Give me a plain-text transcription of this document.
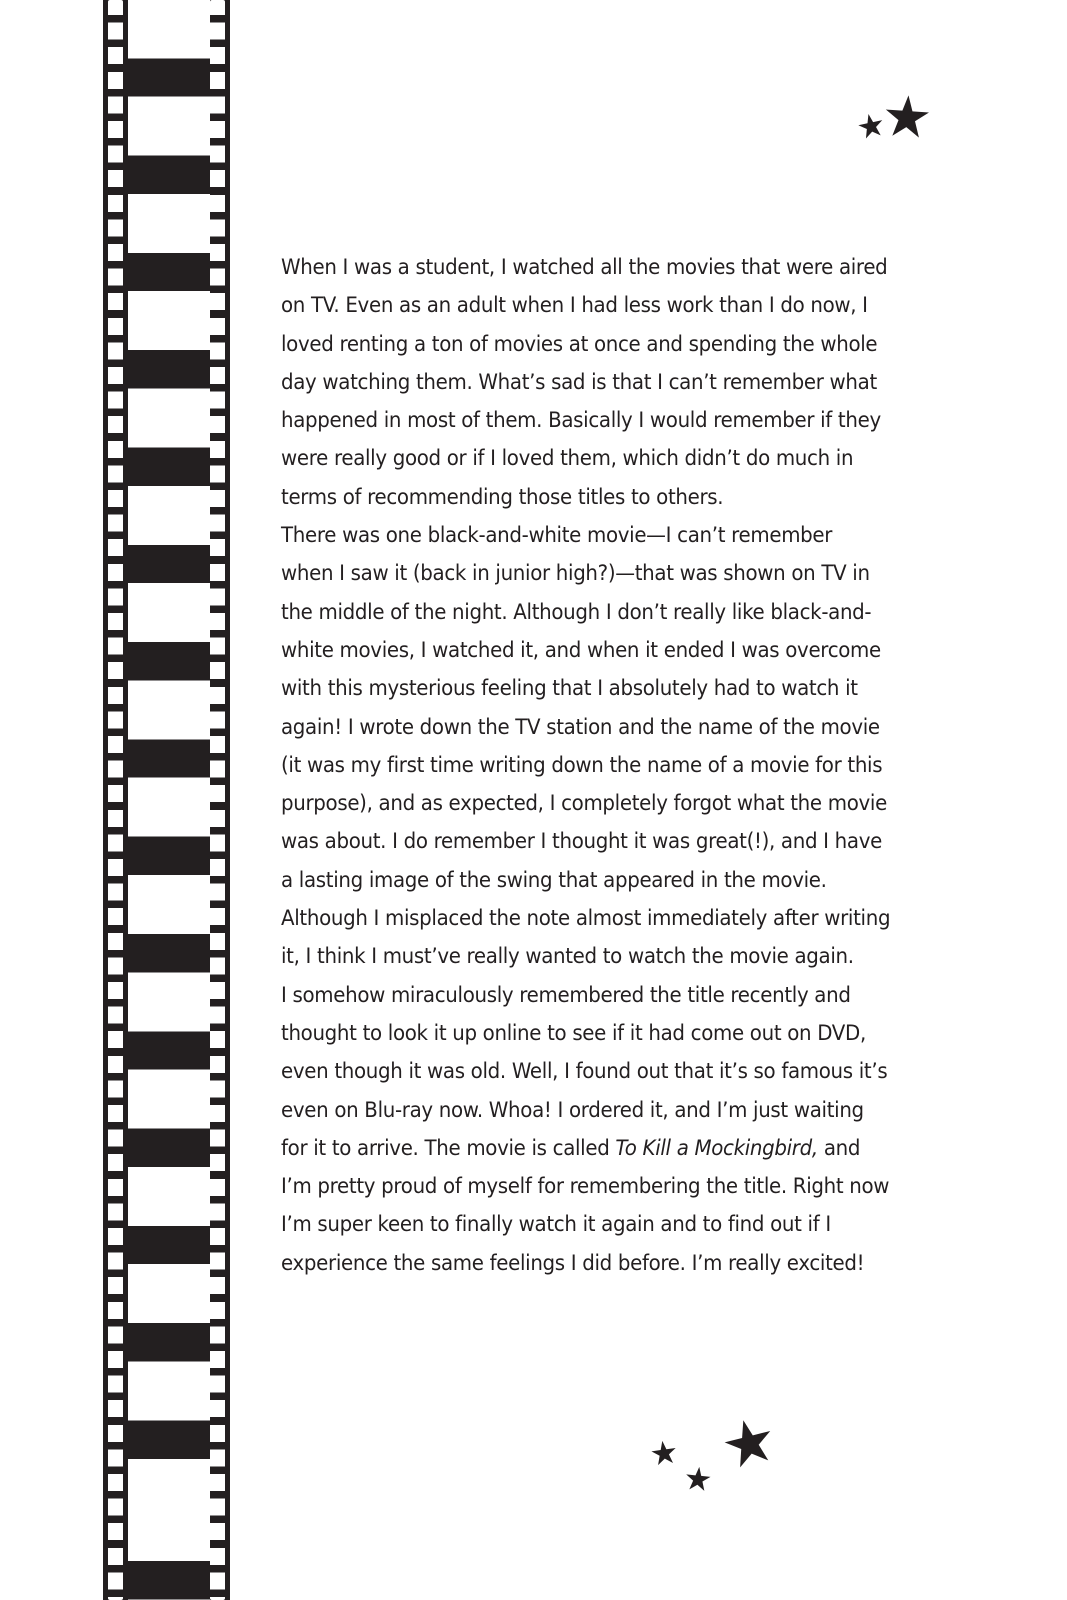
When I was a student, I watched all the movies that were aired
on TV. Even as an adult when I had less work than I do now, I
loved renting a ton of movies at once and spending the whole
day watching them. What’s sad is that I can’t remember what
happened in most of them. Basically I would remember if they
were really good or if I loved them, which didn’t do much in
terms of recommending those titles to others.
There was one black-and-white movie—I can’t remember
when I saw it (back in junior high?)—that was shown on TV in
the middle of the night. Although I don’t really like black-and-
white movies, I watched it, and when it ended I was overcome
with this mysterious feeling that I absolutely had to watch it
again! I wrote down the TV station and the name of the movie
(it was my first time writing down the name of a movie for this
purpose), and as expected, I completely forgot what the movie
was about. I do remember I thought it was great(!), and I have
a lasting image of the swing that appeared in the movie.
Although I misplaced the note almost immediately after writing
it, I think I must’ve really wanted to watch the movie again.
I somehow miraculously remembered the title recently and
thought to look it up online to see if it had come out on DVD,
even though it was old. Well, I found out that it’s so famous it’s
even on Blu-ray now. Whoa! I ordered it, and I’m just waiting
for it to arrive. The movie is called To Kill a Mockingbird, and
I’m pretty proud of myself for remembering the title. Right now
I’m super keen to finally watch it again and to find out if I
experience the same feelings I did before. I’m really excited!
